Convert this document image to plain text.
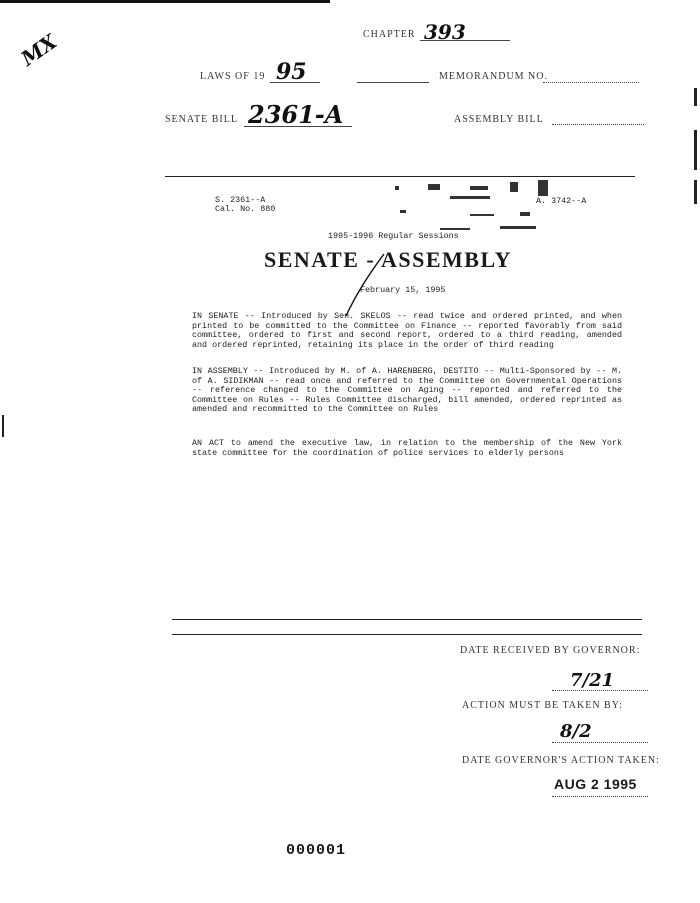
MX	CHAPTER 393
LAWS OF 19 95	MEMORANDUM NO.
SENATE BILL 2361-A	ASSEMBLY BILL
S. 2361--A
Cal. No. 880
A. 3742--A
1995-1996 Regular Sessions
SENATE - ASSEMBLY
February 15, 1995
IN SENATE -- Introduced by Sen. SKELOS -- read twice and ordered printed, and when printed to be committed to the Committee on Finance -- reported favorably from said committee, ordered to first and second report, ordered to a third reading, amended and ordered reprinted, retaining its place in the order of third reading
IN ASSEMBLY -- Introduced by M. of A. HARENBERG, DESTITO -- Multi-Sponsored by -- M. of A. SIDIKMAN -- read once and referred to the Committee on Governmental Operations -- reference changed to the Committee on Aging -- reported and referred to the Committee on Rules -- Rules Committee discharged, bill amended, ordered reprinted as amended and recommitted to the Committee on Rules
AN ACT to amend the executive law, in relation to the membership of the New York state committee for the coordination of police services to elderly persons
DATE RECEIVED BY GOVERNOR:
7/21
ACTION MUST BE TAKEN BY:
8/2
DATE GOVERNOR'S ACTION TAKEN:
AUG 2 1995
000001
